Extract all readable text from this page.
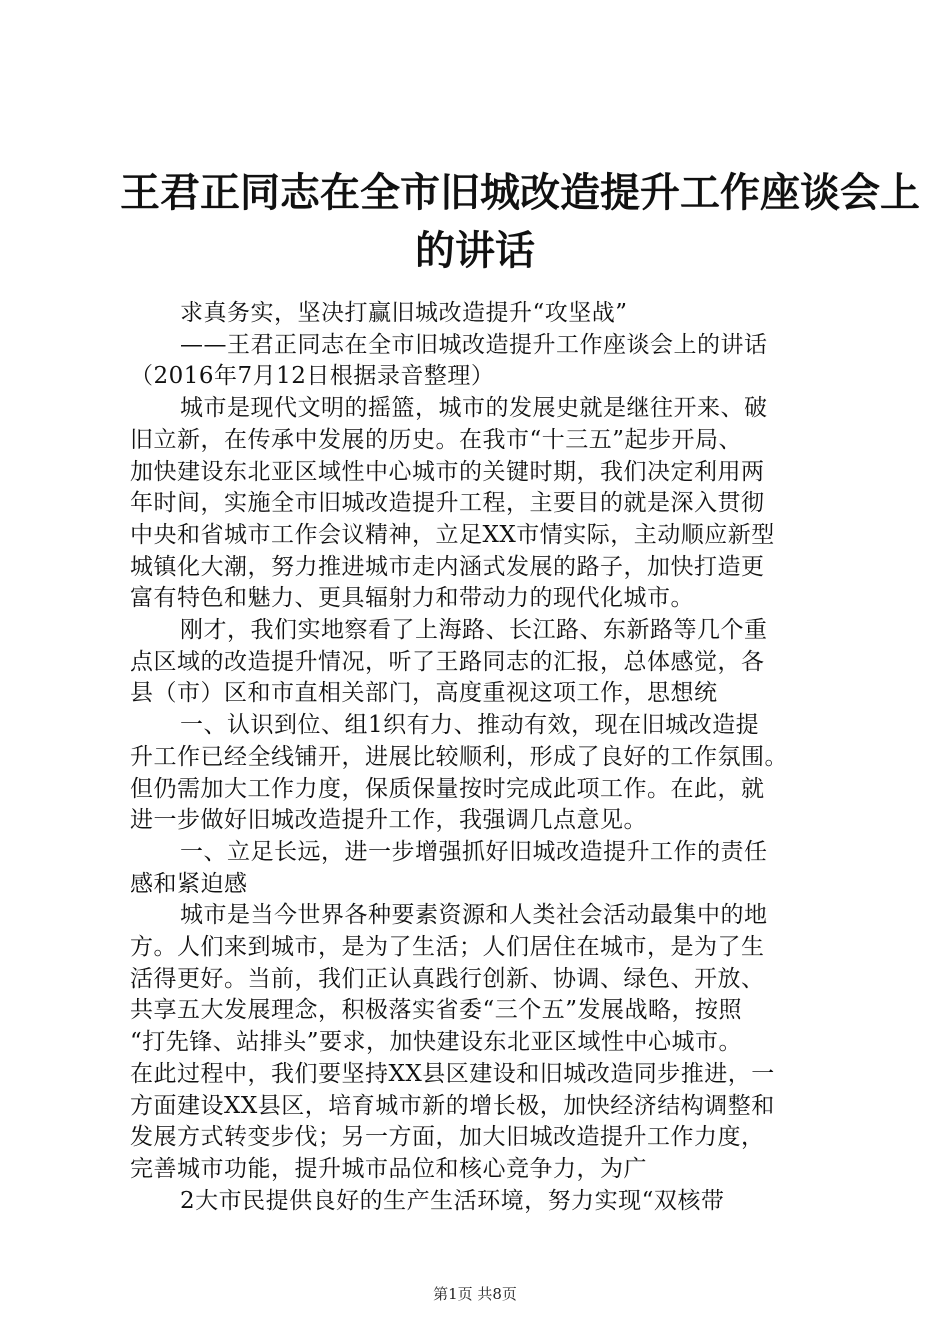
王君正同志在全市旧城改造提升工作座谈会上
的讲话
求真务实，坚决打赢旧城改造提升“攻坚战”
——王君正同志在全市旧城改造提升工作座谈会上的讲话
（2016年7月12日根据录音整理）
城市是现代文明的摇篮，城市的发展史就是继往开来、破
旧立新，在传承中发展的历史。在我市“十三五”起步开局、
加快建设东北亚区域性中心城市的关键时期，我们决定利用两
年时间，实施全市旧城改造提升工程，主要目的就是深入贯彻
中央和省城市工作会议精神，立足XX市情实际，主动顺应新型
城镇化大潮，努力推进城市走内涵式发展的路子，加快打造更
富有特色和魅力、更具辐射力和带动力的现代化城市。
刚才，我们实地察看了上海路、长江路、东新路等几个重
点区域的改造提升情况，听了王路同志的汇报，总体感觉，各
县（市）区和市直相关部门，高度重视这项工作，思想统
一、认识到位、组1织有力、推动有效，现在旧城改造提
升工作已经全线铺开，进展比较顺利，形成了良好的工作氛围。
但仍需加大工作力度，保质保量按时完成此项工作。在此，就
进一步做好旧城改造提升工作，我强调几点意见。
一、立足长远，进一步增强抓好旧城改造提升工作的责任
感和紧迫感
城市是当今世界各种要素资源和人类社会活动最集中的地
方。人们来到城市，是为了生活；人们居住在城市，是为了生
活得更好。当前，我们正认真践行创新、协调、绿色、开放、
共享五大发展理念，积极落实省委“三个五”发展战略，按照
“打先锋、站排头”要求，加快建设东北亚区域性中心城市。
在此过程中，我们要坚持XX县区建设和旧城改造同步推进，一
方面建设XX县区，培育城市新的增长极，加快经济结构调整和
发展方式转变步伐；另一方面，加大旧城改造提升工作力度，
完善城市功能，提升城市品位和核心竞争力，为广
2大市民提供良好的生产生活环境，努力实现“双核带
第1页 共8页
